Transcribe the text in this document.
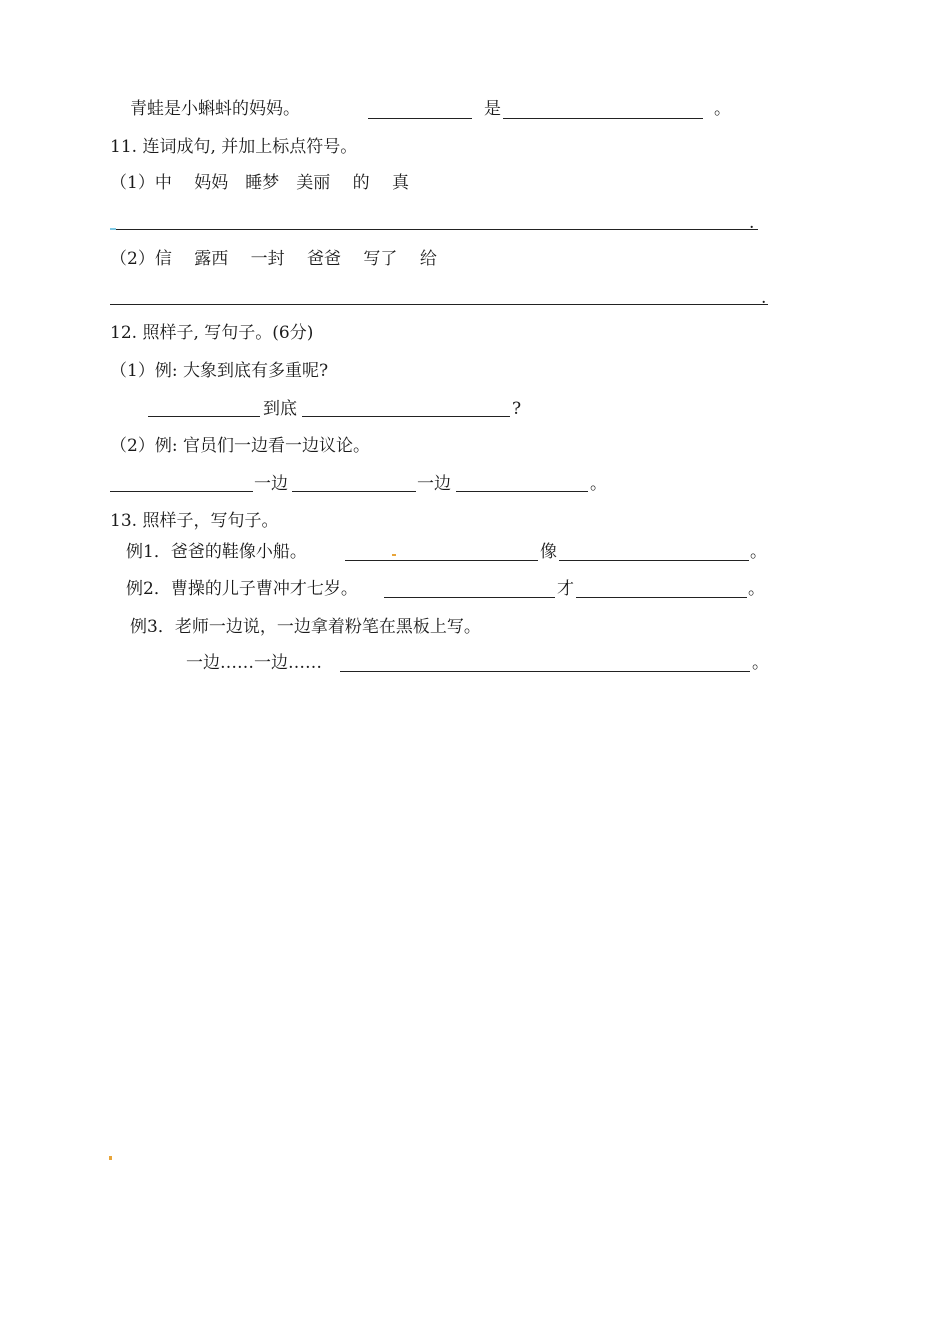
青蛙是小蝌蚪的妈妈。	是	。
11. 连词成句, 并加上标点符号。
（1）中　 妈妈　睡梦　美丽　 的　 真
.
（2）信　 露西　 一封　 爸爸　 写了　 给
.
12. 照样子, 写句子。(6分)
（1）例: 大象到底有多重呢?
到底	?
（2）例: 官员们一边看一边议论。
一边	一边	。
13. 照样子，写句子。
例1．爸爸的鞋像小船。	像	。
例2．曹操的儿子曹冲才七岁。	才	。
例3．老师一边说，一边拿着粉笔在黑板上写。
一边……一边……	。
